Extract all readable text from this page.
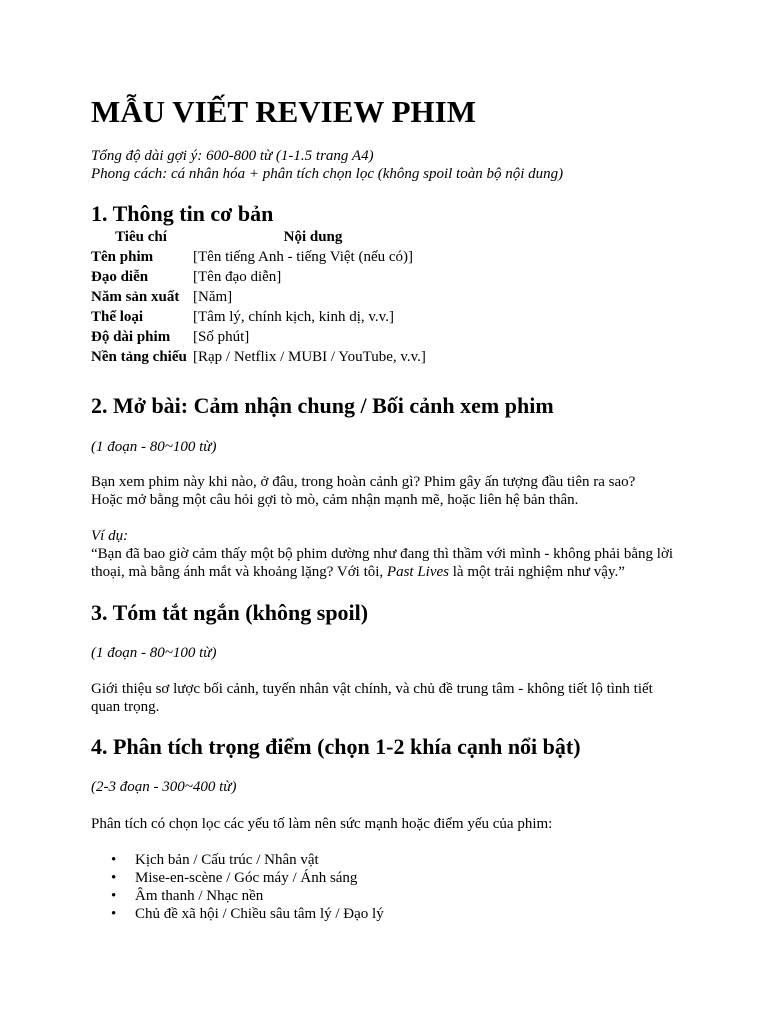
MẪU VIẾT REVIEW PHIM
Tổng độ dài gợi ý: 600-800 từ (1-1.5 trang A4)
Phong cách: cá nhân hóa + phân tích chọn lọc (không spoil toàn bộ nội dung)
1. Thông tin cơ bản
Tiêu chí	Nội dung
Tên phim	[Tên tiếng Anh - tiếng Việt (nếu có)]
Đạo diễn	[Tên đạo diễn]
Năm sản xuất	[Năm]
Thể loại	[Tâm lý, chính kịch, kinh dị, v.v.]
Độ dài phim	[Số phút]
Nền tảng chiếu	[Rạp / Netflix / MUBI / YouTube, v.v.]
2. Mở bài: Cảm nhận chung / Bối cảnh xem phim
(1 đoạn - 80~100 từ)
Bạn xem phim này khi nào, ở đâu, trong hoàn cảnh gì? Phim gây ấn tượng đầu tiên ra sao?
Hoặc mở bằng một câu hỏi gợi tò mò, cảm nhận mạnh mẽ, hoặc liên hệ bản thân.
Ví dụ:
“Bạn đã bao giờ cảm thấy một bộ phim dường như đang thì thầm với mình - không phải bằng lời
thoại, mà bằng ánh mắt và khoảng lặng? Với tôi, Past Lives là một trải nghiệm như vậy.”
3. Tóm tắt ngắn (không spoil)
(1 đoạn - 80~100 từ)
Giới thiệu sơ lược bối cảnh, tuyến nhân vật chính, và chủ đề trung tâm - không tiết lộ tình tiết
quan trọng.
4. Phân tích trọng điểm (chọn 1-2 khía cạnh nổi bật)
(2-3 đoạn - 300~400 từ)
Phân tích có chọn lọc các yếu tố làm nên sức mạnh hoặc điểm yếu của phim:
• Kịch bản / Cấu trúc / Nhân vật
• Mise-en-scène / Góc máy / Ánh sáng
• Âm thanh / Nhạc nền
• Chủ đề xã hội / Chiều sâu tâm lý / Đạo lý
